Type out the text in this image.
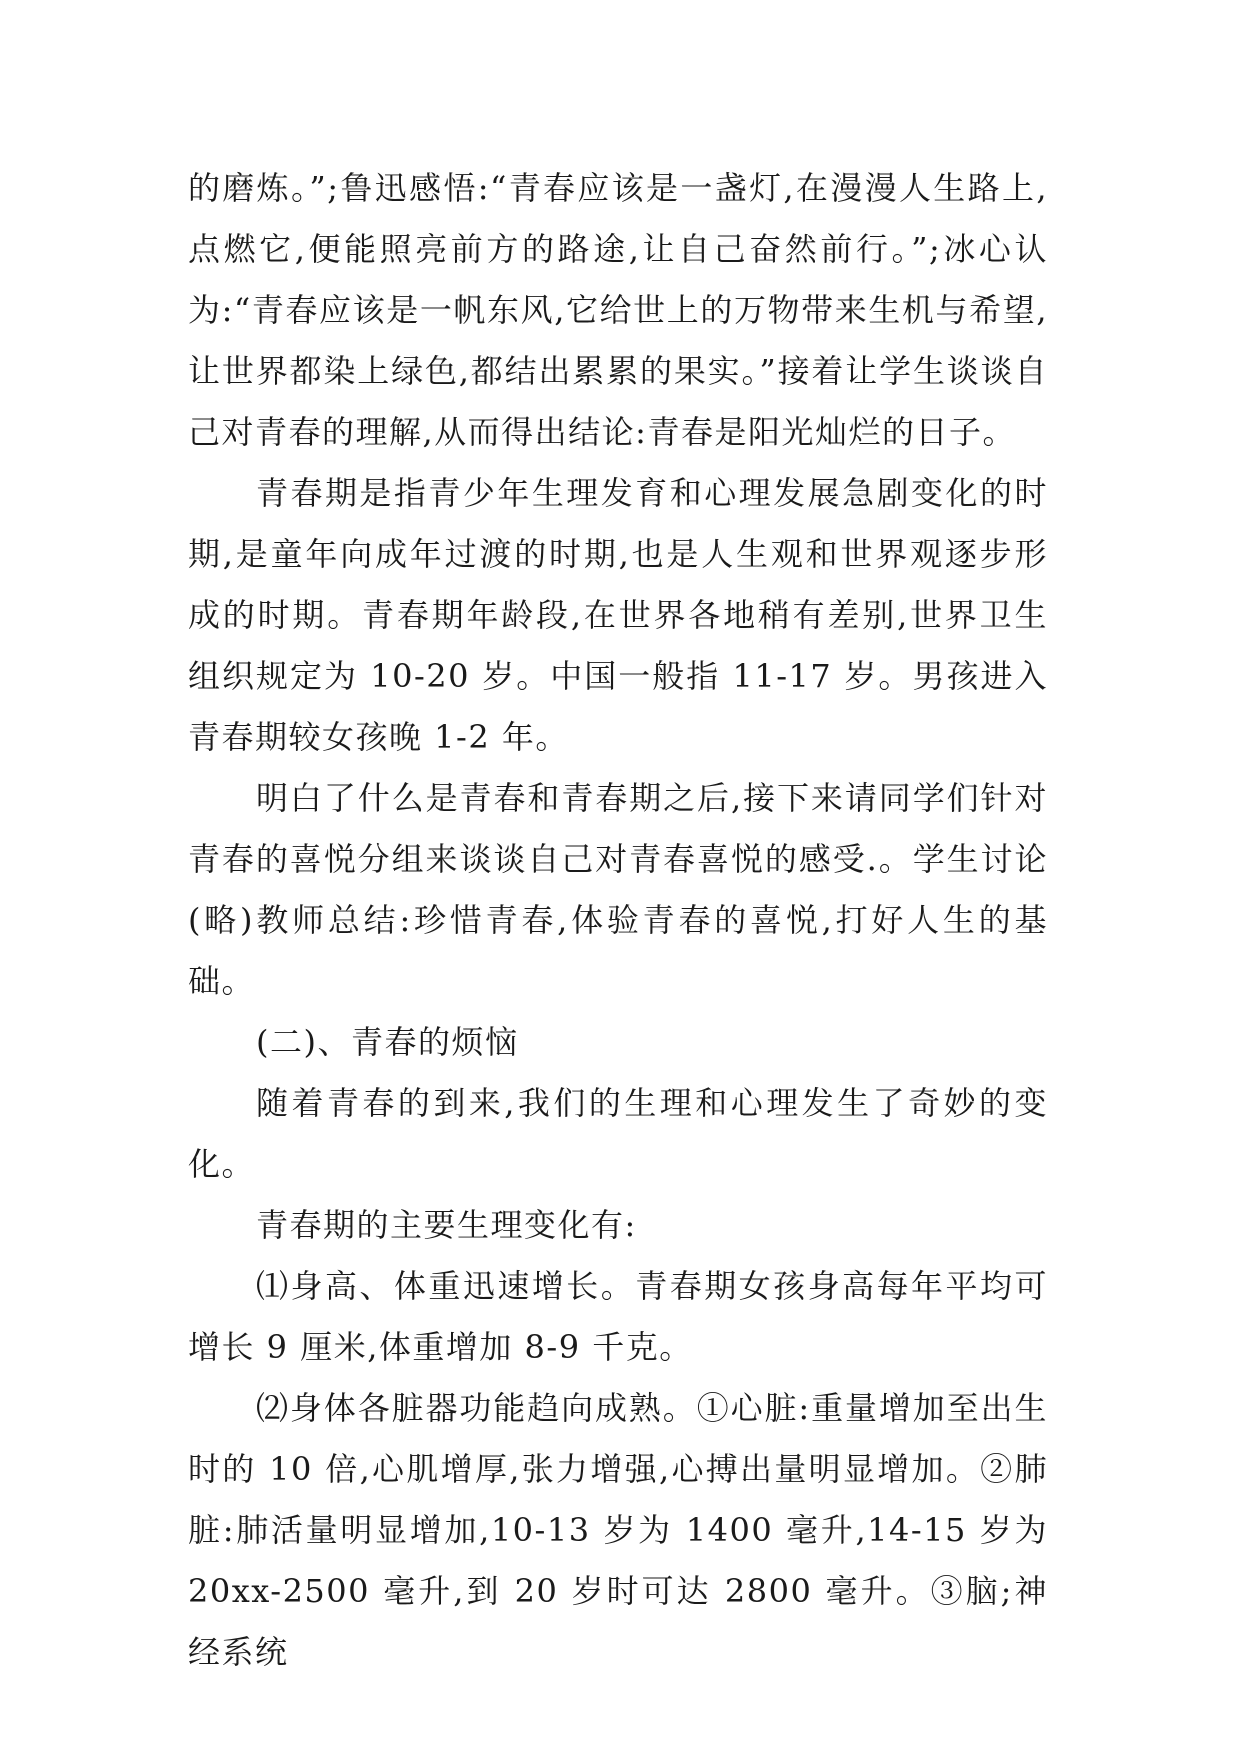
的磨炼。”;鲁迅感悟:“青春应该是一盏灯,在漫漫人生路上,点燃它,便能照亮前方的路途,让自己奋然前行。”;冰心认为:“青春应该是一帆东风,它给世上的万物带来生机与希望,让世界都染上绿色,都结出累累的果实。”接着让学生谈谈自己对青春的理解,从而得出结论:青春是阳光灿烂的日子。

青春期是指青少年生理发育和心理发展急剧变化的时期,是童年向成年过渡的时期,也是人生观和世界观逐步形成的时期。青春期年龄段,在世界各地稍有差别,世界卫生组织规定为 10-20 岁。中国一般指 11-17 岁。男孩进入青春期较女孩晚 1-2 年。

明白了什么是青春和青春期之后,接下来请同学们针对青春的喜悦分组来谈谈自己对青春喜悦的感受.。学生讨论(略)教师总结:珍惜青春,体验青春的喜悦,打好人生的基础。

(二)、青春的烦恼

随着青春的到来,我们的生理和心理发生了奇妙的变化。

青春期的主要生理变化有:

⑴身高、体重迅速增长。青春期女孩身高每年平均可增长 9 厘米,体重增加 8-9 千克。

⑵身体各脏器功能趋向成熟。①心脏:重量增加至出生时的 10 倍,心肌增厚,张力增强,心搏出量明显增加。②肺脏:肺活量明显增加,10-13 岁为 1400 毫升,14-15 岁为 20xx-2500 毫升,到 20 岁时可达 2800 毫升。③脑;神经系统
